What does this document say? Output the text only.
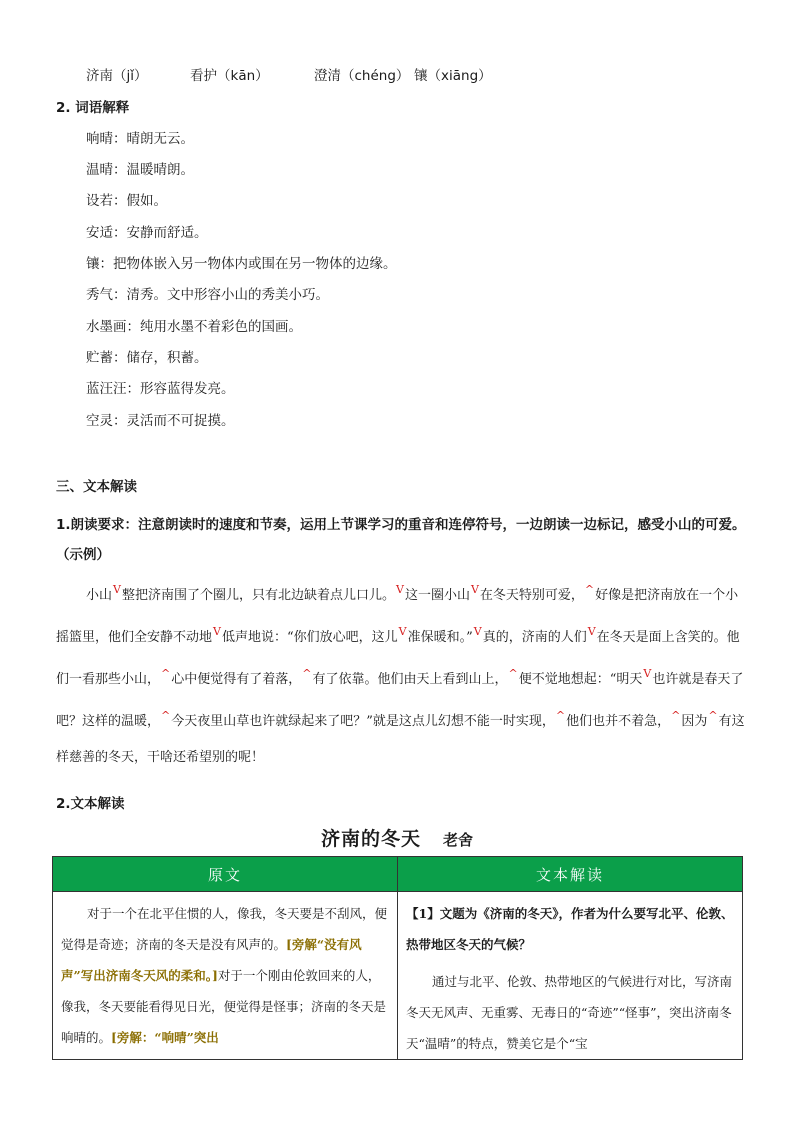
济南（jǐ）	看护（kān）	澄清（chéng） 镶（xiāng）
2. 词语解释
响晴：晴朗无云。
温晴：温暖晴朗。
设若：假如。
安适：安静而舒适。
镶：把物体嵌入另一物体内或围在另一物体的边缘。
秀气：清秀。文中形容小山的秀美小巧。
水墨画：纯用水墨不着彩色的国画。
贮蓄：储存，积蓄。
蓝汪汪：形容蓝得发亮。
空灵：灵活而不可捉摸。
三、文本解读
1.朗读要求：注意朗读时的速度和节奏，运用上节课学习的重音和连停符号，一边朗读一边标记，感受小山的可爱。（示例）
小山$^V$整把济南围了个圈儿，只有北边缺着点儿口儿。$^V$这一圈小山$^V$在冬天特别可爱，^好像是把济南放在一个小摇篮里，他们全安静不动地$^V$低声地说：“你们放心吧，这儿$^V$准保暖和。”$^V$真的，济南的人们$^V$在冬天是面上含笑的。他们一看那些小山，^心中便觉得有了着落，^有了依靠。他们由天上看到山上，^便不觉地想起：“明天$^V$也许就是春天了吧？这样的温暖，^今天夜里山草也许就绿起来了吧？”就是这点儿幻想不能一时实现，^他们也并不着急，^因为^有这样慈善的冬天，干啥还希望别的呢！
2.文本解读
济南的冬天 老舍
原文	文本解读

对于一个在北平住惯的人，像我，冬天要是不刮风，便觉得是奇迹；济南的冬天是没有风声的。[旁解“没有风声”写出济南冬天风的柔和。]对于一个刚由伦敦回来的人，像我，冬天要能看得见日光，便觉得是怪事；济南的冬天是响晴的。[旁解：“响晴”突出	【1】文题为《济南的冬天》，作者为什么要写北平、伦敦、热带地区冬天的气候？
通过与北平、伦敦、热带地区的气候进行对比，写济南冬天无风声、无重雾、无毒日的“奇迹”“怪事”，突出济南冬天“温晴”的特点，赞美它是个“宝
